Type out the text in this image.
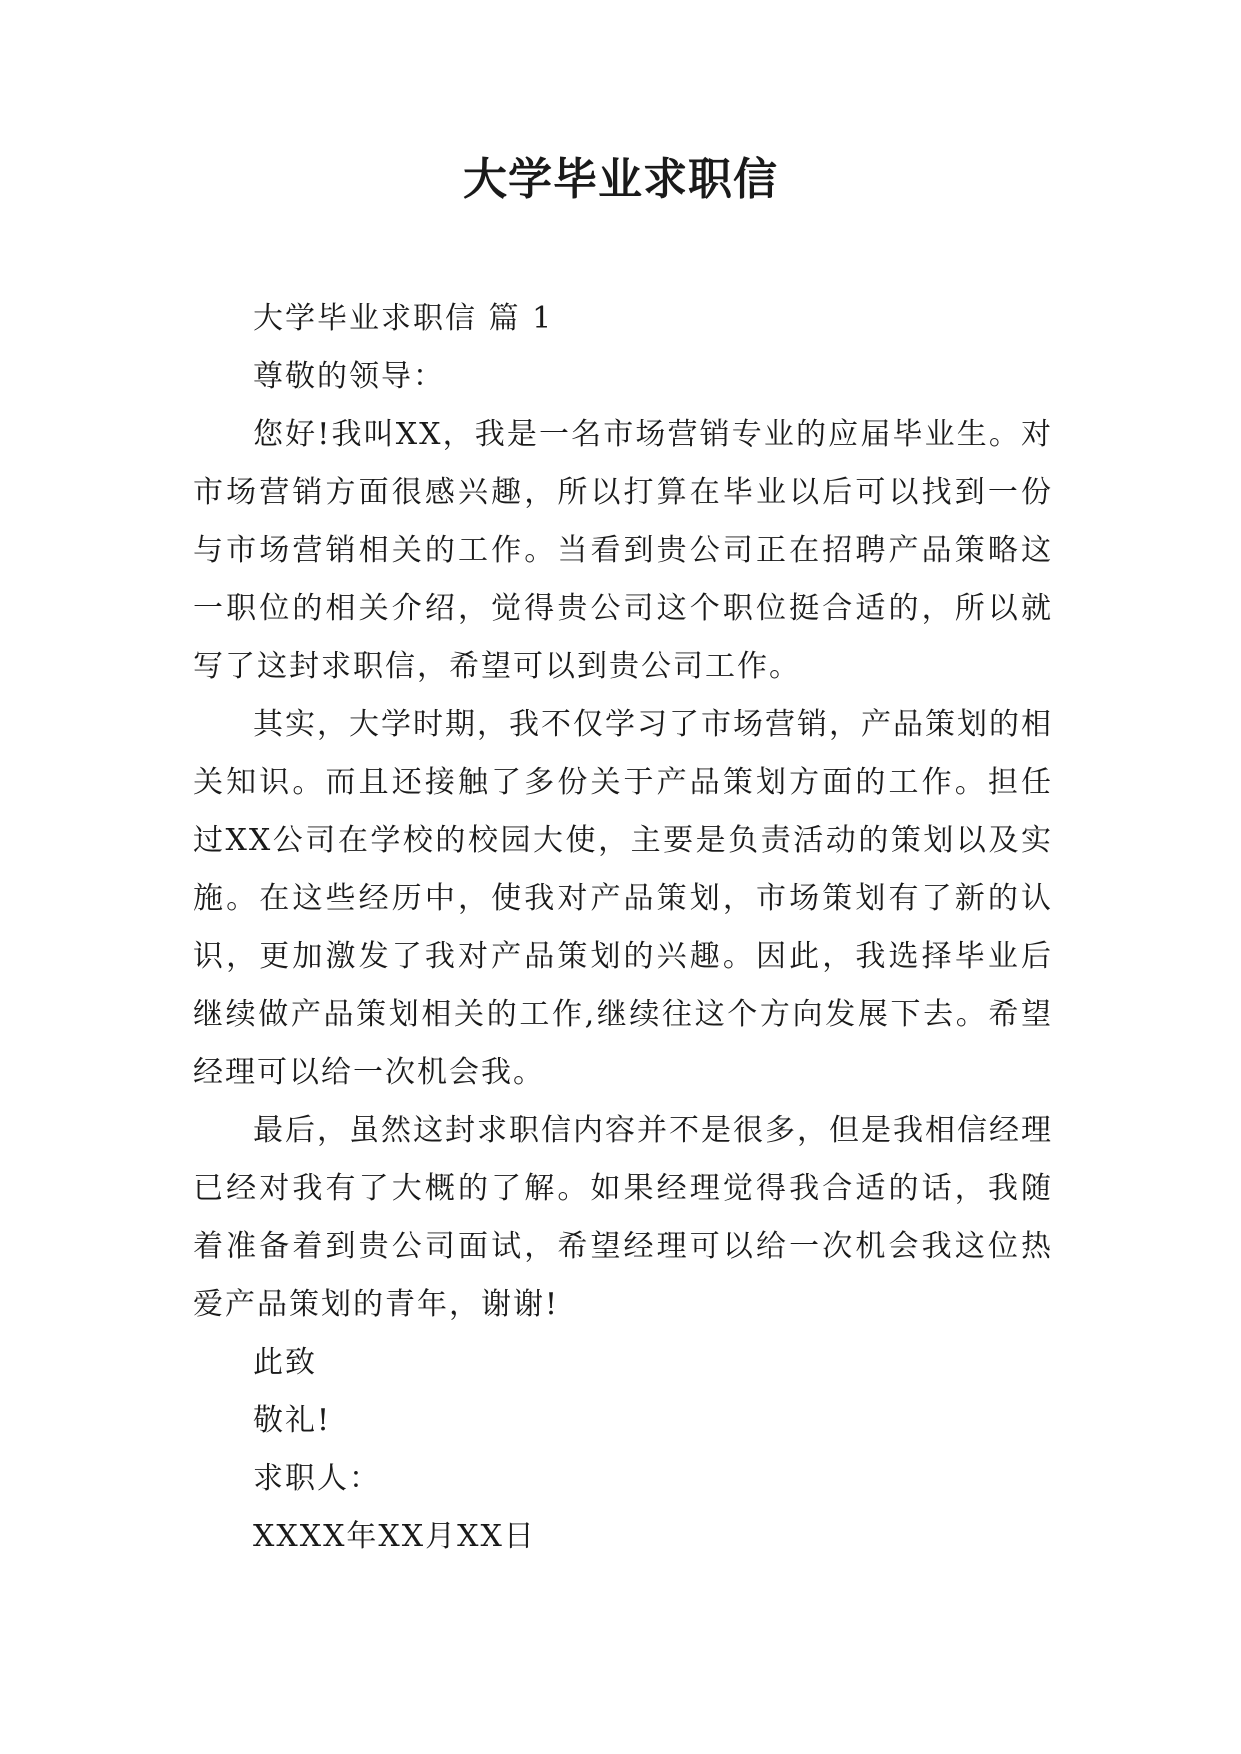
大学毕业求职信

大学毕业求职信 篇 1

尊敬的领导：

您好!我叫XX，我是一名市场营销专业的应届毕业生。对市场营销方面很感兴趣，所以打算在毕业以后可以找到一份与市场营销相关的工作。当看到贵公司正在招聘产品策略这一职位的相关介绍，觉得贵公司这个职位挺合适的，所以就写了这封求职信，希望可以到贵公司工作。

其实，大学时期，我不仅学习了市场营销，产品策划的相关知识。而且还接触了多份关于产品策划方面的工作。担任过XX公司在学校的校园大使，主要是负责活动的策划以及实施。在这些经历中，使我对产品策划，市场策划有了新的认识，更加激发了我对产品策划的兴趣。因此，我选择毕业后继续做产品策划相关的工作,继续往这个方向发展下去。希望经理可以给一次机会我。

最后，虽然这封求职信内容并不是很多，但是我相信经理已经对我有了大概的了解。如果经理觉得我合适的话，我随着准备着到贵公司面试，希望经理可以给一次机会我这位热爱产品策划的青年，谢谢!

此致

敬礼!

求职人：

XXXX年XX月XX日
